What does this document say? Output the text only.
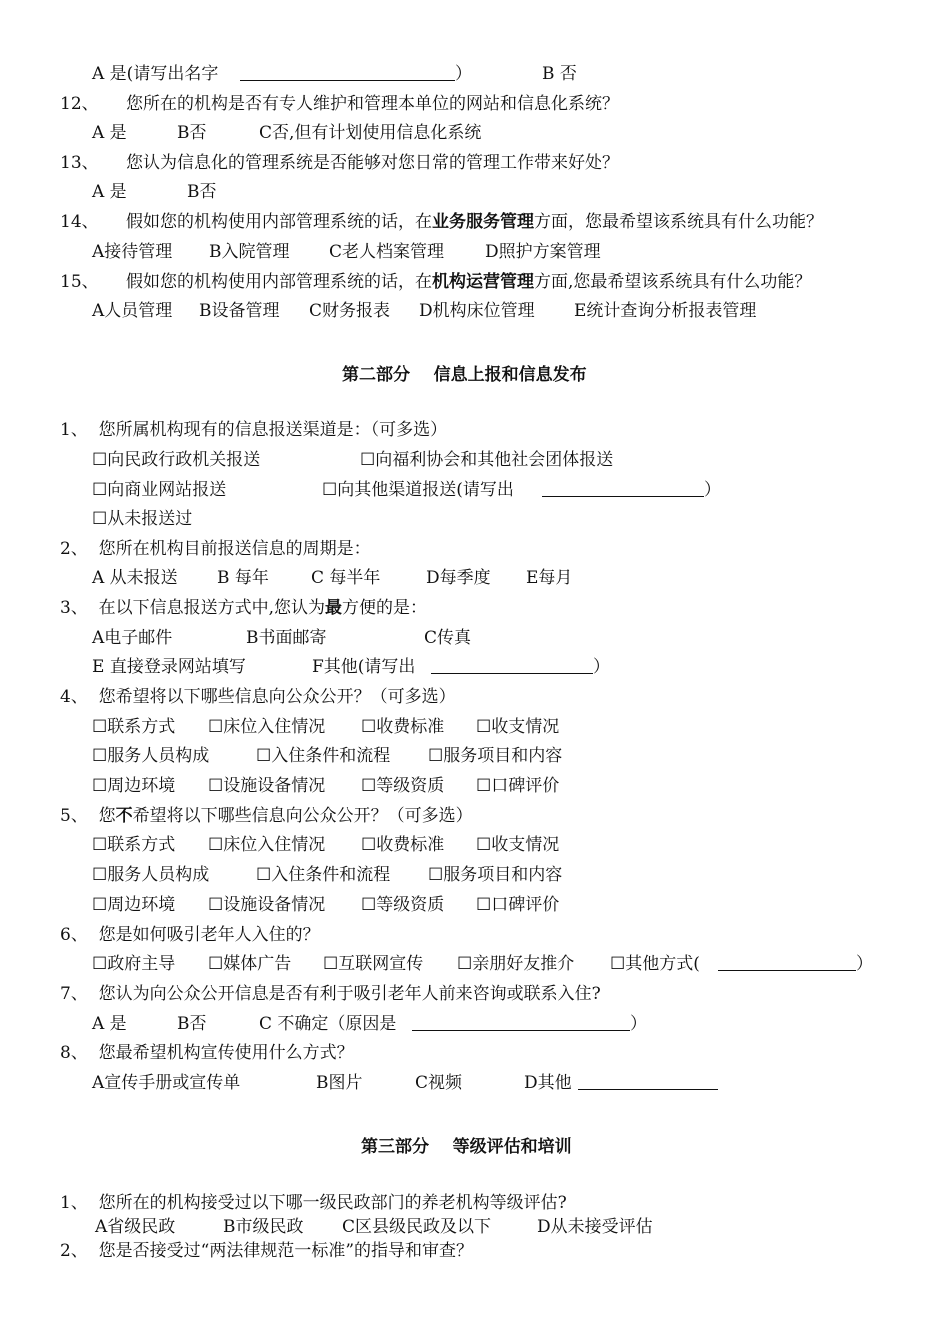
A 是(请写出名字	）	B 否
12、 您所在的机构是否有专人维护和管理本单位的网站和信息化系统？
A 是	B否	C否,但有计划使用信息化系统
13、 您认为信息化的管理系统是否能够对您日常的管理工作带来好处？
A 是	B否
14、 假如您的机构使用内部管理系统的话，在业务服务管理方面，您最希望该系统具有什么功能？
A接待管理 B入院管理 C老人档案管理 D照护方案管理
15、 假如您的机构使用内部管理系统的话，在机构运营管理方面,您最希望该系统具有什么功能？
A人员管理 B设备管理 C财务报表 D机构床位管理 E统计查询分析报表管理
第二部分    信息上报和信息发布
1、  您所属机构现有的信息报送渠道是：（可多选）
☐向民政行政机关报送	☐向福利协会和其他社会团体报送
☐向商业网站报送	☐向其他渠道报送(请写出	）
☐从未报送过
2、  您所在机构目前报送信息的周期是：
A 从未报送 B 每年 C 每半年	D每季度 E每月
3、  在以下信息报送方式中,您认为最方便的是：
A电子邮件	B书面邮寄	C传真
E 直接登录网站填写	F其他(请写出	）
4、  您希望将以下哪些信息向公众公开？（可多选）
☐联系方式 ☐床位入住情况 ☐收费标准 ☐收支情况
☐服务人员构成	☐入住条件和流程 ☐服务项目和内容
☐周边环境 ☐设施设备情况 ☐等级资质 ☐口碑评价
5、  您不希望将以下哪些信息向公众公开？（可多选）
☐联系方式 ☐床位入住情况 ☐收费标准 ☐收支情况
☐服务人员构成	☐入住条件和流程 ☐服务项目和内容
☐周边环境 ☐设施设备情况 ☐等级资质 ☐口碑评价
6、  您是如何吸引老年人入住的？
☐政府主导 ☐媒体广告 ☐互联网宣传 ☐亲朋好友推介 ☐其他方式(	）
7、  您认为向公众公开信息是否有利于吸引老年人前来咨询或联系入住?
A 是	B否	C 不确定（原因是	）
8、  您最希望机构宣传使用什么方式？
A宣传手册或宣传单	B图片	C视频	D其他
第三部分    等级评估和培训
1、  您所在的机构接受过以下哪一级民政部门的养老机构等级评估?
A省级民政	B市级民政 C区县级民政及以下	D从未接受评估
2、  您是否接受过“两法律规范一标准”的指导和审查？
